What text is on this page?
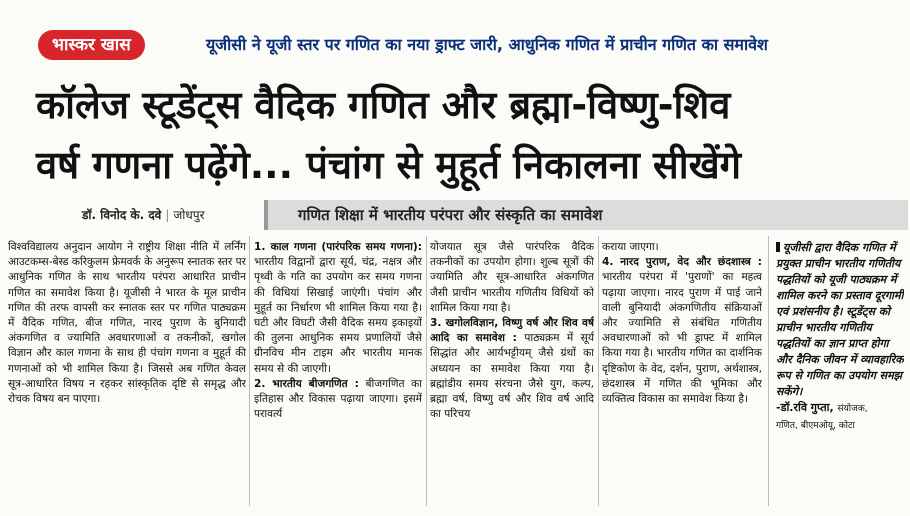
भास्कर खास	यूजीसी ने यूजी स्तर पर गणित का नया ड्राफ्ट जारी, आधुनिक गणित में प्राचीन गणित का समावेश
कॉलेज स्टूडेंट्स वैदिक गणित और ब्रह्मा-विष्णु-शिव
वर्ष गणना पढ़ेंगे... पंचांग से मुहूर्त निकालना सीखेंगे
डॉ. विनोद के. दवे | जोधपुर	गणित शिक्षा में भारतीय परंपरा और संस्कृति का समावेश

विश्वविद्यालय अनुदान आयोग ने राष्ट्रीय शिक्षा नीति में लर्निंग आउटकम्स-बेस्ड करिकुलम फ्रेमवर्क के अनुरूप स्नातक स्तर पर आधुनिक गणित के साथ भारतीय परंपरा आधारित प्राचीन गणित का समावेश किया है। यूजीसी ने भारत के मूल प्राचीन गणित की तरफ वापसी कर स्नातक स्तर पर गणित पाठ्यक्रम में वैदिक गणित, बीज गणित, नारद पुराण के बुनियादी अंकगणित व ज्यामिति अवधारणाओं व तकनीकों, खगोल विज्ञान और काल गणना के साथ ही पंचांग गणना व मुहूर्त की गणनाओं को भी शामिल किया है। जिससे अब गणित केवल सूत्र-आधारित विषय न रहकर सांस्कृतिक दृष्टि से समृद्ध और रोचक विषय बन पाएगा।

1. काल गणना (पारंपरिक समय गणना): भारतीय विद्वानों द्वारा सूर्य, चंद्र, नक्षत्र और पृथ्वी के गति का उपयोग कर समय गणना की विधियां सिखाई जाएंगी। पंचांग और मुहूर्त का निर्धारण भी शामिल किया गया है। घटी और विघटी जैसी वैदिक समय इकाइयों की तुलना आधुनिक समय प्रणालियों जैसे ग्रीनविच मीन टाइम और भारतीय मानक समय से की जाएगी।

2. भारतीय बीजगणित : बीजगणित का इतिहास और विकास पढ़ाया जाएगा। इसमें परावर्त्य

योजयात सूत्र जैसे पारंपरिक वैदिक तकनीकों का उपयोग होगा। शुल्ब सूत्रों की ज्यामिति और सूत्र-आधारित अंकगणित जैसी प्राचीन भारतीय गणितीय विधियों को शामिल किया गया है।

3. खगोलविज्ञान, विष्णु वर्ष और शिव वर्ष आदि का समावेश : पाठ्यक्रम में सूर्य सिद्धांत और आर्यभट्टीयम् जैसे ग्रंथों का अध्ययन का समावेश किया गया है। ब्रह्मांडीय समय संरचना जैसे युग, कल्प, ब्रह्मा वर्ष, विष्णु वर्ष और शिव वर्ष आदि का परिचय

कराया जाएगा।

4. नारद पुराण, वेद और छंदशास्त्र : भारतीय परंपरा में 'पुराणों' का महत्व पढ़ाया जाएगा। नारद पुराण में पाई जाने वाली बुनियादी अंकगणितीय संक्रियाओं और ज्यामिति से संबंधित गणितीय अवधारणाओं को भी ड्राफ्ट में शामिल किया गया है। भारतीय गणित का दार्शनिक दृष्टिकोण के वेद, दर्शन, पुराण, अर्थशास्त्र, छंदशास्त्र में गणित की भूमिका और व्यक्तित्व विकास का समावेश किया है।

यूजीसी द्वारा वैदिक गणित में प्रयुक्त प्राचीन भारतीय गणितीय पद्धतियों को यूजी पाठ्यक्रम में शामिल करने का प्रस्ताव दूरगामी एवं प्रशंसनीय है। स्टूडेंट्स को प्राचीन भारतीय गणितीय पद्धतियों का ज्ञान प्राप्त होगा और दैनिक जीवन में व्यावहारिक रूप से गणित का उपयोग समझ सकेंगे।

-डॉ.रवि गुप्ता, संयोजक,
गणित, बीएमओयू, कोटा
